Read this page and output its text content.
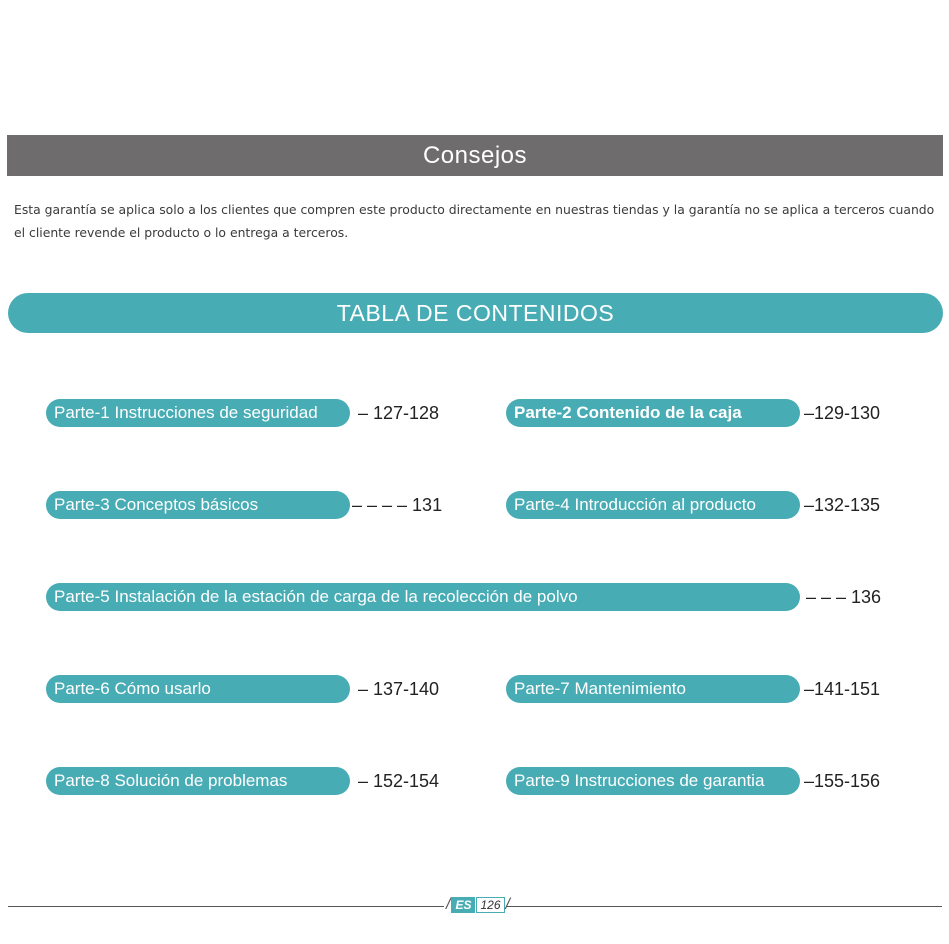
Consejos
Esta garantía se aplica solo a los clientes que compren este producto directamente en nuestras tiendas y la garantía no se aplica a terceros cuando el cliente revende el producto o lo entrega a terceros.
TABLA DE CONTENIDOS
Parte-1 Instrucciones de seguridad – 127-128	Parte-2 Contenido de la caja	–129-130
Parte-3 Conceptos básicos	– – – – 131	Parte-4 Introducción al producto	–132-135
Parte-5 Instalación de la estación de carga de la recolección de polvo	– – – 136
Parte-6 Cómo usarlo	– 137-140	Parte-7 Mantenimiento	–141-151
Parte-8 Solución de problemas	– 152-154	Parte-9 Instrucciones de garantia –155-156
/ ES 126 /
